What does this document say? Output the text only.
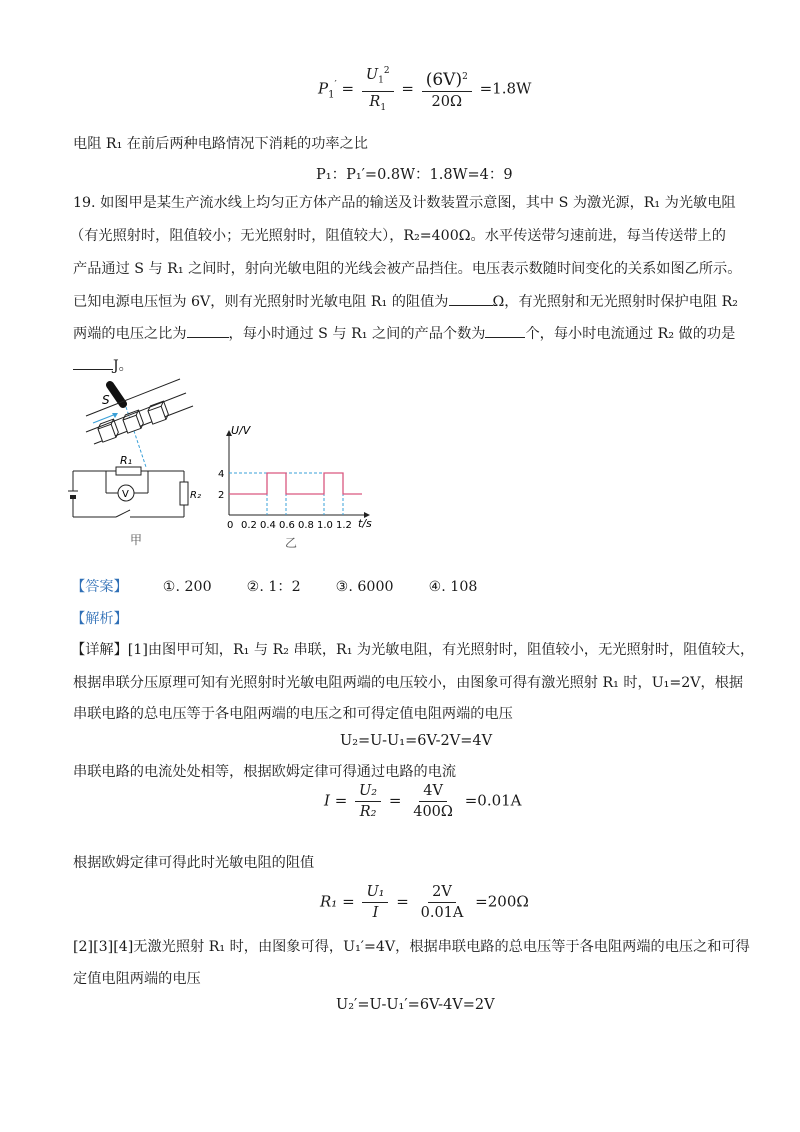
$P_1' = \frac{U_1^2}{R_1} = \frac{(6V)^2}{20\Omega} =1.8W$
电阻 R₁ 在前后两种电路情况下消耗的功率之比
P₁：P₁′=0.8W：1.8W=4：9
19. 如图甲是某生产流水线上均匀正方体产品的输送及计数装置示意图，其中 S 为激光源，R₁ 为光敏电阻
（有光照射时，阻值较小；无光照射时，阻值较大），R₂=400Ω。水平传送带匀速前进，每当传送带上的
产品通过 S 与 R₁ 之间时，射向光敏电阻的光线会被产品挡住。电压表示数随时间变化的关系如图乙所示。
已知电源电压恒为 6V，则有光照射时光敏电阻 R₁ 的阻值为	Ω，有光照射和无光照射时保护电阻 R₂
两端的电压之比为	，每小时通过 S 与 R₁ 之间的产品个数为	个，每小时电流通过 R₂ 做的功是
J。
S
R₁
V	R₂
甲
4
2
0 0.2 0.4 0.6 0.8 1.0 1.2
U/V
t/s
乙
【答案】 ①. 200 ②. 1：2 ③. 6000 ④. 108
【解析】
【详解】[1]由图甲可知，R₁ 与 R₂ 串联，R₁ 为光敏电阻，有光照射时，阻值较小，无光照射时，阻值较大，
根据串联分压原理可知有光照射时光敏电阻两端的电压较小，由图象可得有激光照射 R₁ 时，U₁=2V，根据
串联电路的总电压等于各电阻两端的电压之和可得定值电阻两端的电压
U₂=U-U₁=6V-2V=4V
串联电路的电流处处相等，根据欧姆定律可得通过电路的电流
$I = \frac{\text{U₂}}{\text{R₂}} = \frac{4V}{400\Omega} =0.01A$
根据欧姆定律可得此时光敏电阻的阻值
$R_1 = \frac{\text{U₁}}{I} = \frac{2V}{0.01A} =200\Omega$
[2][3][4]无激光照射 R₁ 时，由图象可得，U₁′=4V，根据串联电路的总电压等于各电阻两端的电压之和可得
定值电阻两端的电压
U₂′=U-U₁′=6V-4V=2V
